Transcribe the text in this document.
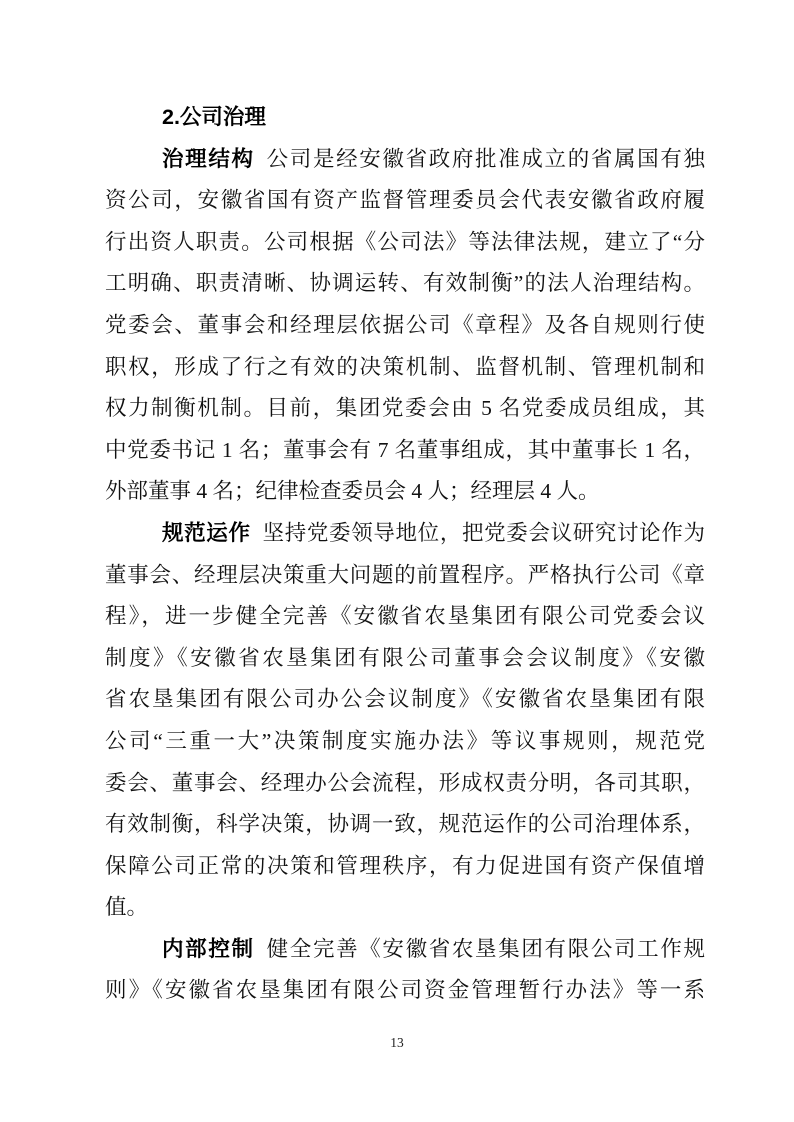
2.公司治理
治理结构 公司是经安徽省政府批准成立的省属国有独
资公司，安徽省国有资产监督管理委员会代表安徽省政府履
行出资人职责。公司根据《公司法》等法律法规，建立了“分
工明确、职责清晰、协调运转、有效制衡”的法人治理结构。
党委会、董事会和经理层依据公司《章程》及各自规则行使
职权，形成了行之有效的决策机制、监督机制、管理机制和
权力制衡机制。目前，集团党委会由 5 名党委成员组成，其
中党委书记 1 名；董事会有 7 名董事组成，其中董事长 1 名，
外部董事 4 名；纪律检查委员会 4 人；经理层 4 人。
规范运作 坚持党委领导地位，把党委会议研究讨论作为
董事会、经理层决策重大问题的前置程序。严格执行公司《章
程》，进一步健全完善《安徽省农垦集团有限公司党委会议
制度》《安徽省农垦集团有限公司董事会会议制度》《安徽
省农垦集团有限公司办公会议制度》《安徽省农垦集团有限
公司“三重一大”决策制度实施办法》等议事规则，规范党
委会、董事会、经理办公会流程，形成权责分明，各司其职，
有效制衡，科学决策，协调一致，规范运作的公司治理体系，
保障公司正常的决策和管理秩序，有力促进国有资产保值增
值。
内部控制 健全完善《安徽省农垦集团有限公司工作规
则》《安徽省农垦集团有限公司资金管理暂行办法》等一系
13
